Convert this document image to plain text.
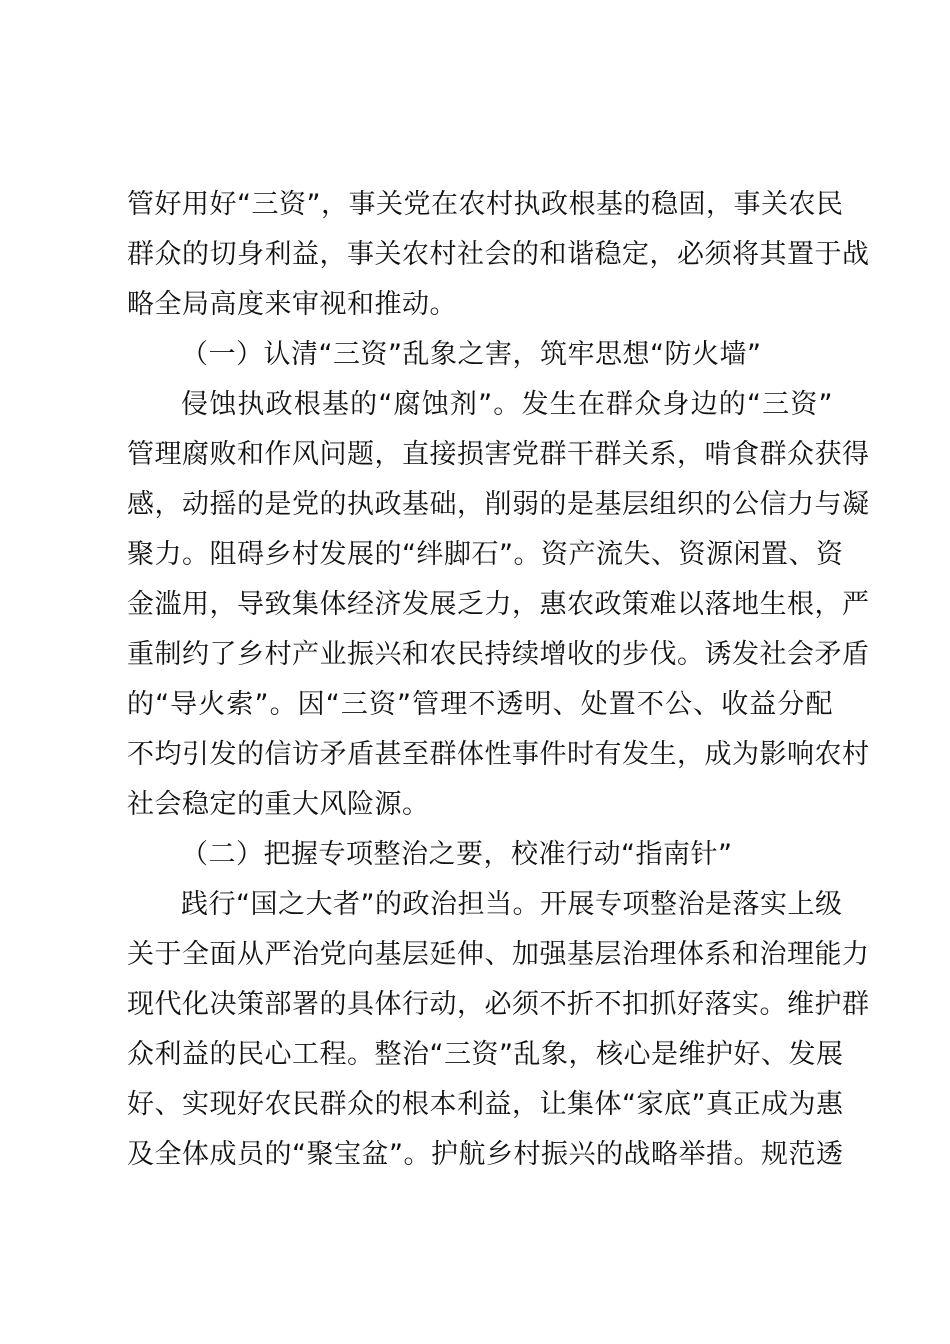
管好用好“三资”，事关党在农村执政根基的稳固，事关农民
群众的切身利益，事关农村社会的和谐稳定，必须将其置于战
略全局高度来审视和推动。
（一）认清“三资”乱象之害，筑牢思想“防火墙”
侵蚀执政根基的“腐蚀剂”。发生在群众身边的“三资”
管理腐败和作风问题，直接损害党群干群关系，啃食群众获得
感，动摇的是党的执政基础，削弱的是基层组织的公信力与凝
聚力。阻碍乡村发展的“绊脚石”。资产流失、资源闲置、资
金滥用，导致集体经济发展乏力，惠农政策难以落地生根，严
重制约了乡村产业振兴和农民持续增收的步伐。诱发社会矛盾
的“导火索”。因“三资”管理不透明、处置不公、收益分配
不均引发的信访矛盾甚至群体性事件时有发生，成为影响农村
社会稳定的重大风险源。
（二）把握专项整治之要，校准行动“指南针”
践行“国之大者”的政治担当。开展专项整治是落实上级
关于全面从严治党向基层延伸、加强基层治理体系和治理能力
现代化决策部署的具体行动，必须不折不扣抓好落实。维护群
众利益的民心工程。整治“三资”乱象，核心是维护好、发展
好、实现好农民群众的根本利益，让集体“家底”真正成为惠
及全体成员的“聚宝盆”。护航乡村振兴的战略举措。规范透
